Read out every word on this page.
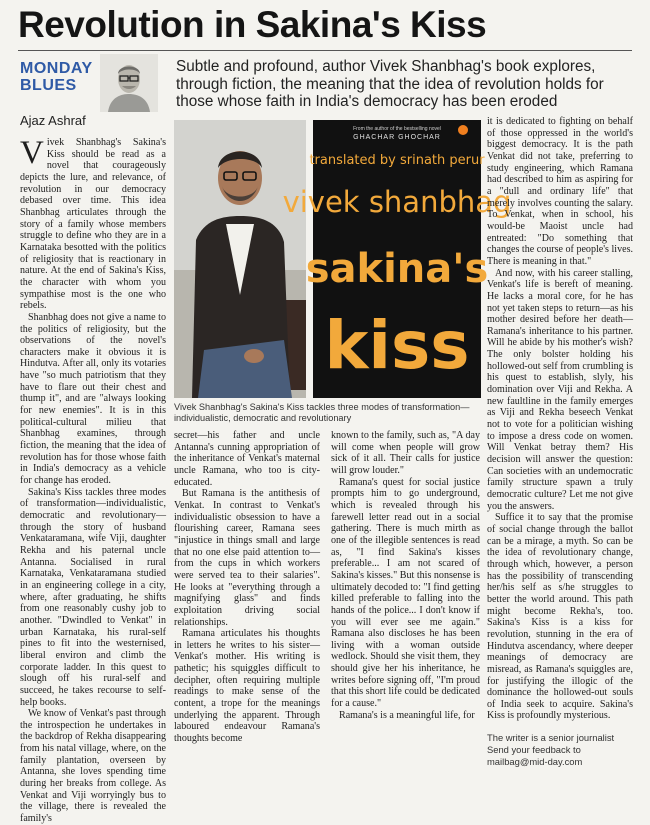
Revolution in Sakina's Kiss
MONDAY
BLUES
Ajaz Ashraf
Subtle and profound, author Vivek Shanbhag's book explores, through fiction, the meaning that the idea of revolution holds for those whose faith in India's democracy has been eroded

Vivek Shanbhag's Sakina's Kiss should be read as a novel that courageously depicts the lure, and relevance, of revolution in our democracy debased over time. This idea Shanbhag articulates through the story of a family whose members struggle to define who they are in a Karnataka besotted with the politics of religiosity that is reactionary in nature. At the end of Sakina's Kiss, the character with whom you sympathise most is the one who rebels.

Shanbhag does not give a name to the politics of religiosity, but the observations of the novel's characters make it obvious it is Hindutva. After all, only its votaries have "so much patriotism that they have to flare out their chest and thump it", and are "always looking for new enemies". It is in this political-cultural milieu that Shanbhag examines, through fiction, the meaning that the idea of revolution has for those whose faith in India's democracy as a vehicle for change has eroded.

Sakina's Kiss tackles three modes of transformation—individualistic, democratic and revolutionary—through the story of husband Venkataramana, wife Viji, daughter Rekha and his paternal uncle Antanna. Socialised in rural Karnataka, Venkataramana studied in an engineering college in a city, where, after graduating, he shifts from one reasonably cushy job to another. "Dwindled to Venkat" in urban Karnataka, his rural-self pines to fit into the westernised, liberal environ and climb the corporate ladder. In this quest to slough off his rural-self and succeed, he takes recourse to self-help books.

We know of Venkat's past through the introspection he undertakes in the backdrop of Rekha disappearing from his natal village, where, on the family plantation, overseen by Antanna, she loves spending time during her breaks from college. As Venkat and Viji worryingly bus to the village, there is revealed the family's

From the author of the bestselling novel
GHACHAR GHOCHAR
translated by srinath perur
vivek shanbhag
sakina's
kiss
Vivek Shanbhag's Sakina's Kiss tackles three modes of transformation—individualistic, democratic and revolutionary

secret—his father and uncle Antanna's cunning appropriation of the inheritance of Venkat's maternal uncle Ramana, who too is city-educated.

But Ramana is the antithesis of Venkat. In contrast to Venkat's individualistic obsession to have a flourishing career, Ramana sees "injustice in things small and large that no one else paid attention to—from the cups in which workers were served tea to their salaries". He looks at "everything through a magnifying glass" and finds exploitation driving social relationships.

Ramana articulates his thoughts in letters he writes to his sister—Venkat's mother. His writing is pathetic; his squiggles difficult to decipher, often requiring multiple readings to make sense of the content, a trope for the meanings underlying the apparent. Through laboured endeavour Ramana's thoughts become

known to the family, such as, "A day will come when people will grow sick of it all. Their calls for justice will grow louder."

Ramana's quest for social justice prompts him to go underground, which is revealed through his farewell letter read out in a social gathering. There is much mirth as one of the illegible sentences is read as, "I find Sakina's kisses preferable... I am not scared of Sakina's kisses." But this nonsense is ultimately decoded to: "I find getting killed preferable to falling into the hands of the police... I don't know if you will ever see me again." Ramana also discloses he has been living with a woman outside wedlock. Should she visit them, they should give her his inheritance, he writes before signing off, "I'm proud that this short life could be dedicated for a cause."

Ramana's is a meaningful life, for

it is dedicated to fighting on behalf of those oppressed in the world's biggest democracy. It is the path Venkat did not take, preferring to study engineering, which Ramana had described to him as aspiring for a "dull and ordinary life" that merely involves counting the salary. To Venkat, when in school, his would-be Maoist uncle had entreated: "Do something that changes the course of people's lives. There is meaning in that."

And now, with his career stalling, Venkat's life is bereft of meaning. He lacks a moral core, for he has not yet taken steps to return—as his mother desired before her death—Ramana's inheritance to his partner. Will he abide by his mother's wish? The only bolster holding his hollowed-out self from crumbling is his quest to establish, slyly, his domination over Viji and Rekha. A new faultline in the family emerges as Viji and Rekha beseech Venkat not to vote for a politician wishing to impose a dress code on women. Will Venkat betray them? His decision will answer the question: Can societies with an undemocratic family structure spawn a truly democratic culture? Let me not give you the answers.

Suffice it to say that the promise of social change through the ballot can be a mirage, a myth. So can be the idea of revolutionary change, through which, however, a person has the possibility of transcending her/his self as s/he struggles to better the world around. This path might become Rekha's, too. Sakina's Kiss is a kiss for revolution, stunning in the era of Hindutva ascendancy, where deeper meanings of democracy are misread, as Ramana's squiggles are, for justifying the illogic of the dominance the hollowed-out souls of India seek to acquire. Sakina's Kiss is profoundly mysterious.

The writer is a senior journalist
Send your feedback to
mailbag@mid-day.com
